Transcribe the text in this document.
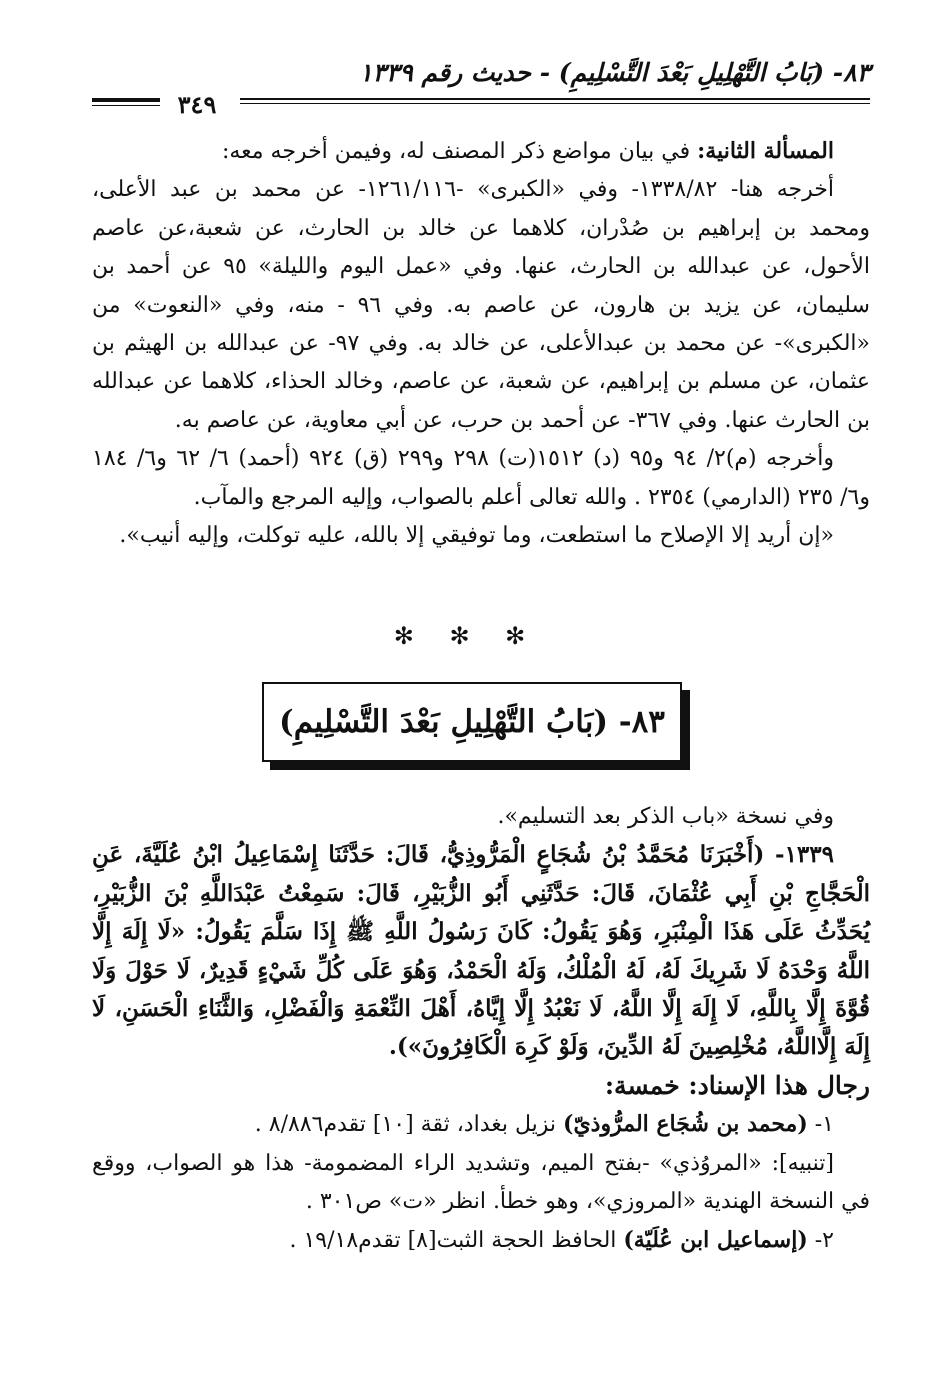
٨٣- (بَابُ التَّهْلِيلِ بَعْدَ التَّسْلِيمِ) - حديث رقم ١٣٣٩
٣٤٩

المسألة الثانية: في بيان مواضع ذكر المصنف له، وفيمن أخرجه معه:

أخرجه هنا- ١٣٣٨/٨٢- وفي «الكبرى» -١٢٦١/١١٦- عن محمد بن عبد الأعلى، ومحمد بن إبراهيم بن صُدْران، كلاهما عن خالد بن الحارث، عن شعبة،عن عاصم الأحول، عن عبدالله بن الحارث، عنها. وفي «عمل اليوم والليلة» ٩٥ عن أحمد بن سليمان، عن يزيد بن هارون، عن عاصم به. وفي ٩٦ - منه، وفي «النعوت» من «الكبرى»- عن محمد بن عبدالأعلى، عن خالد به. وفي ٩٧- عن عبدالله بن الهيثم بن عثمان، عن مسلم بن إبراهيم، عن شعبة، عن عاصم، وخالد الحذاء، كلاهما عن عبدالله بن الحارث عنها. وفي ٣٦٧- عن أحمد بن حرب، عن أبي معاوية، عن عاصم به.

وأخرجه (م)٢/ ٩٤ و٩٥ (د) ١٥١٢(ت) ٢٩٨ و٢٩٩ (ق) ٩٢٤ (أحمد) ٦/ ٦٢ و٦/ ١٨٤ و٦/ ٢٣٥ (الدارمي) ٢٣٥٤ . والله تعالى أعلم بالصواب، وإليه المرجع والمآب.

«إن أريد إلا الإصلاح ما استطعت، وما توفيقي إلا بالله، عليه توكلت، وإليه أنيب».

✻ ✻ ✻
٨٣- (بَابُ التَّهْلِيلِ بَعْدَ التَّسْلِيمِ)

وفي نسخة «باب الذكر بعد التسليم».

١٣٣٩- (أَخْبَرَنَا مُحَمَّدُ بْنُ شُجَاعٍ الْمَرُّوذِيُّ، قَالَ: حَدَّثَنَا إِسْمَاعِيلُ ابْنُ عُلَيَّةَ، عَنِ الْحَجَّاجِ بْنِ أَبِي عُثْمَانَ، قَالَ: حَدَّثَنِي أَبُو الزُّبَيْرِ، قَالَ: سَمِعْتُ عَبْدَاللَّهِ بْنَ الزُّبَيْرِ، يُحَدِّثُ عَلَى هَذَا الْمِنْبَرِ، وَهُوَ يَقُولُ: كَانَ رَسُولُ اللَّهِ ﷺ إِذَا سَلَّمَ يَقُولُ: «لَا إِلَهَ إِلَّا اللَّهُ وَحْدَهُ لَا شَرِيكَ لَهُ، لَهُ الْمُلْكُ، وَلَهُ الْحَمْدُ، وَهُوَ عَلَى كُلِّ شَيْءٍ قَدِيرٌ، لَا حَوْلَ وَلَا قُوَّةَ إِلَّا بِاللَّهِ، لَا إِلَهَ إِلَّا اللَّهُ، لَا نَعْبُدُ إِلَّا إِيَّاهُ، أَهْلَ النِّعْمَةِ وَالْفَضْلِ، وَالثَّنَاءِ الْحَسَنِ، لَا إِلَهَ إِلَّااللَّهُ، مُخْلِصِينَ لَهُ الدِّينَ، وَلَوْ كَرِهَ الْكَافِرُونَ»).

رجال هذا الإسناد: خمسة:

١- (محمد بن شُجَاع المرُّوذيّ) نزيل بغداد، ثقة [١٠] تقدم٨/٨٨٦ .

[تنبيه]: «المروُذي» -بفتح الميم، وتشديد الراء المضمومة- هذا هو الصواب، ووقع في النسخة الهندية «المروزي»، وهو خطأ. انظر «ت» ص٣٠١ .

٢- (إسماعيل ابن عُلَيّة) الحافظ الحجة الثبت[٨] تقدم١٩/١٨ .
